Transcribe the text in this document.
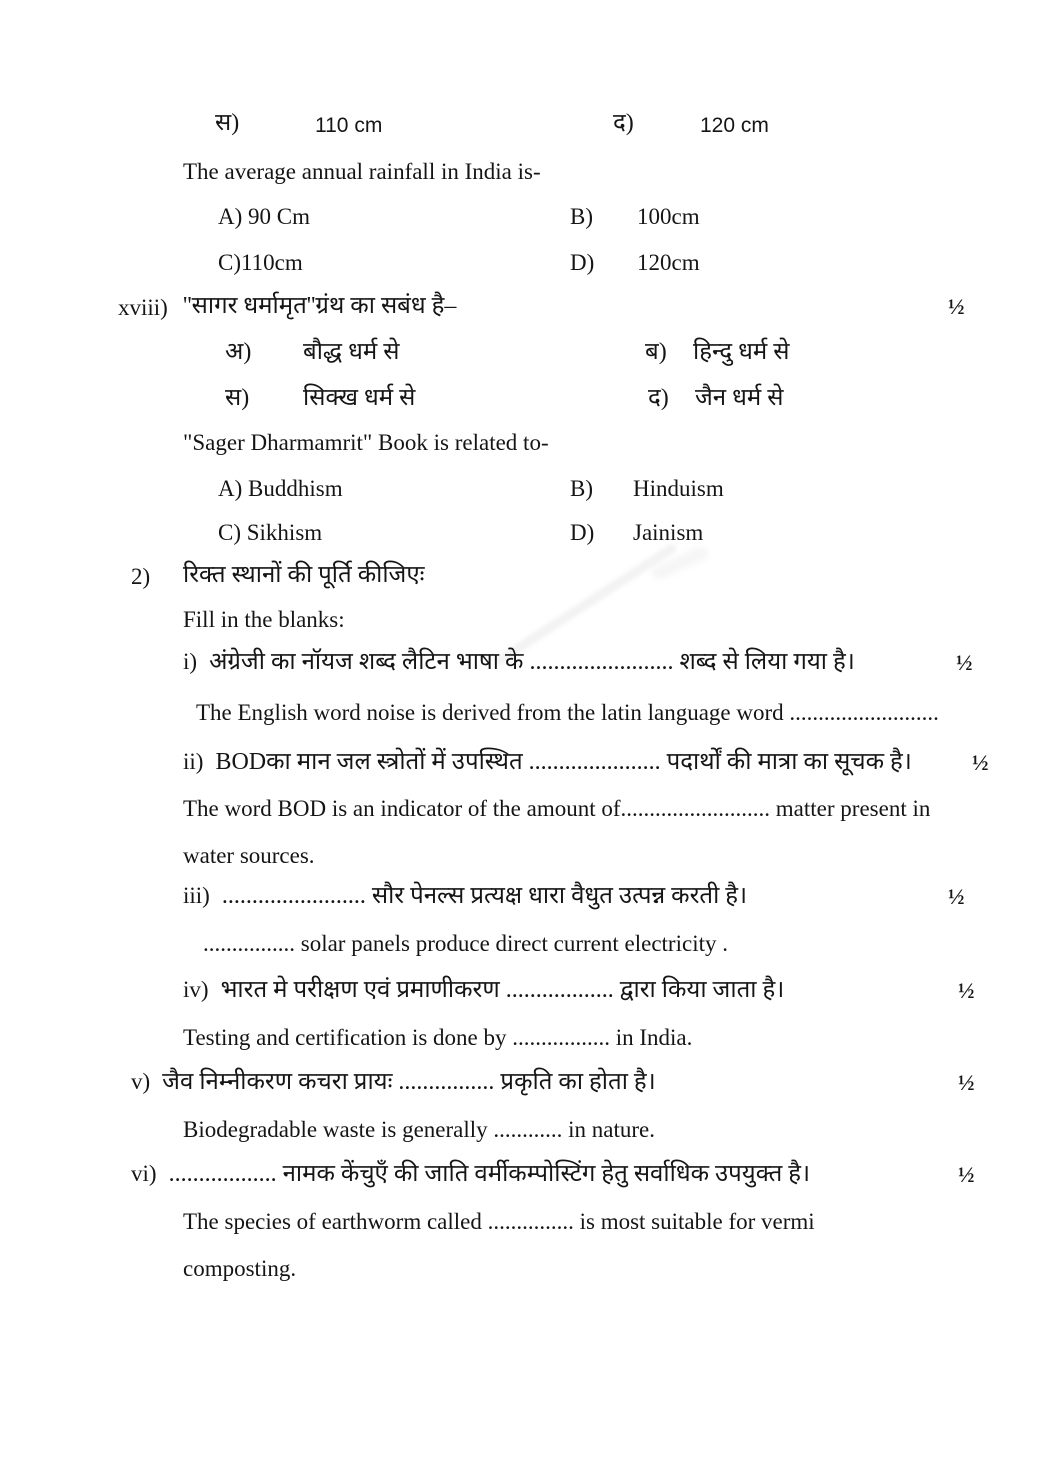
स)	110 cm	द)	120 cm
The average annual rainfall in India is-
A) 90 Cm	B) 100cm
C)110cm	D) 120cm
xviii) ''सागर धर्मामृत''ग्रंथ का सबंध है–	½
अ) बौद्ध धर्म से	ब) हिन्दु धर्म से
स) सिक्ख धर्म से	द) जैन धर्म से
"Sager Dharmamrit" Book is related to-
A) Buddhism	B) Hinduism
C) Sikhism	D) Jainism
2) रिक्त स्थानों की पूर्ति कीजिएः
Fill in the blanks:
i) अंग्रेजी का नॉयज शब्द लैटिन भाषा के ........................ शब्द से लिया गया है।	½
The English word noise is derived from the latin language word ..........................
ii) BODका मान जल स्त्रोतों में उपस्थित ...................... पदार्थों की मात्रा का सूचक है।	½
The word BOD is an indicator of the amount of.......................... matter present in
water sources.
iii) ........................ सौर पेनल्स प्रत्यक्ष धारा वैधुत उत्पन्न करती है।	½
................ solar panels produce direct current electricity .
iv) भारत मे परीक्षण एवं प्रमाणीकरण .................. द्वारा किया जाता है।	½
Testing and certification is done by ................. in India.
v) जैव निम्नीकरण कचरा प्रायः ................ प्रकृति का होता है।	½
Biodegradable waste is generally ............ in nature.
vi) .................. नामक केंचुएँ की जाति वर्मीकम्पोस्टिंग हेतु सर्वाधिक उपयुक्त है।	½
The species of earthworm called ............... is most suitable for vermi
composting.
